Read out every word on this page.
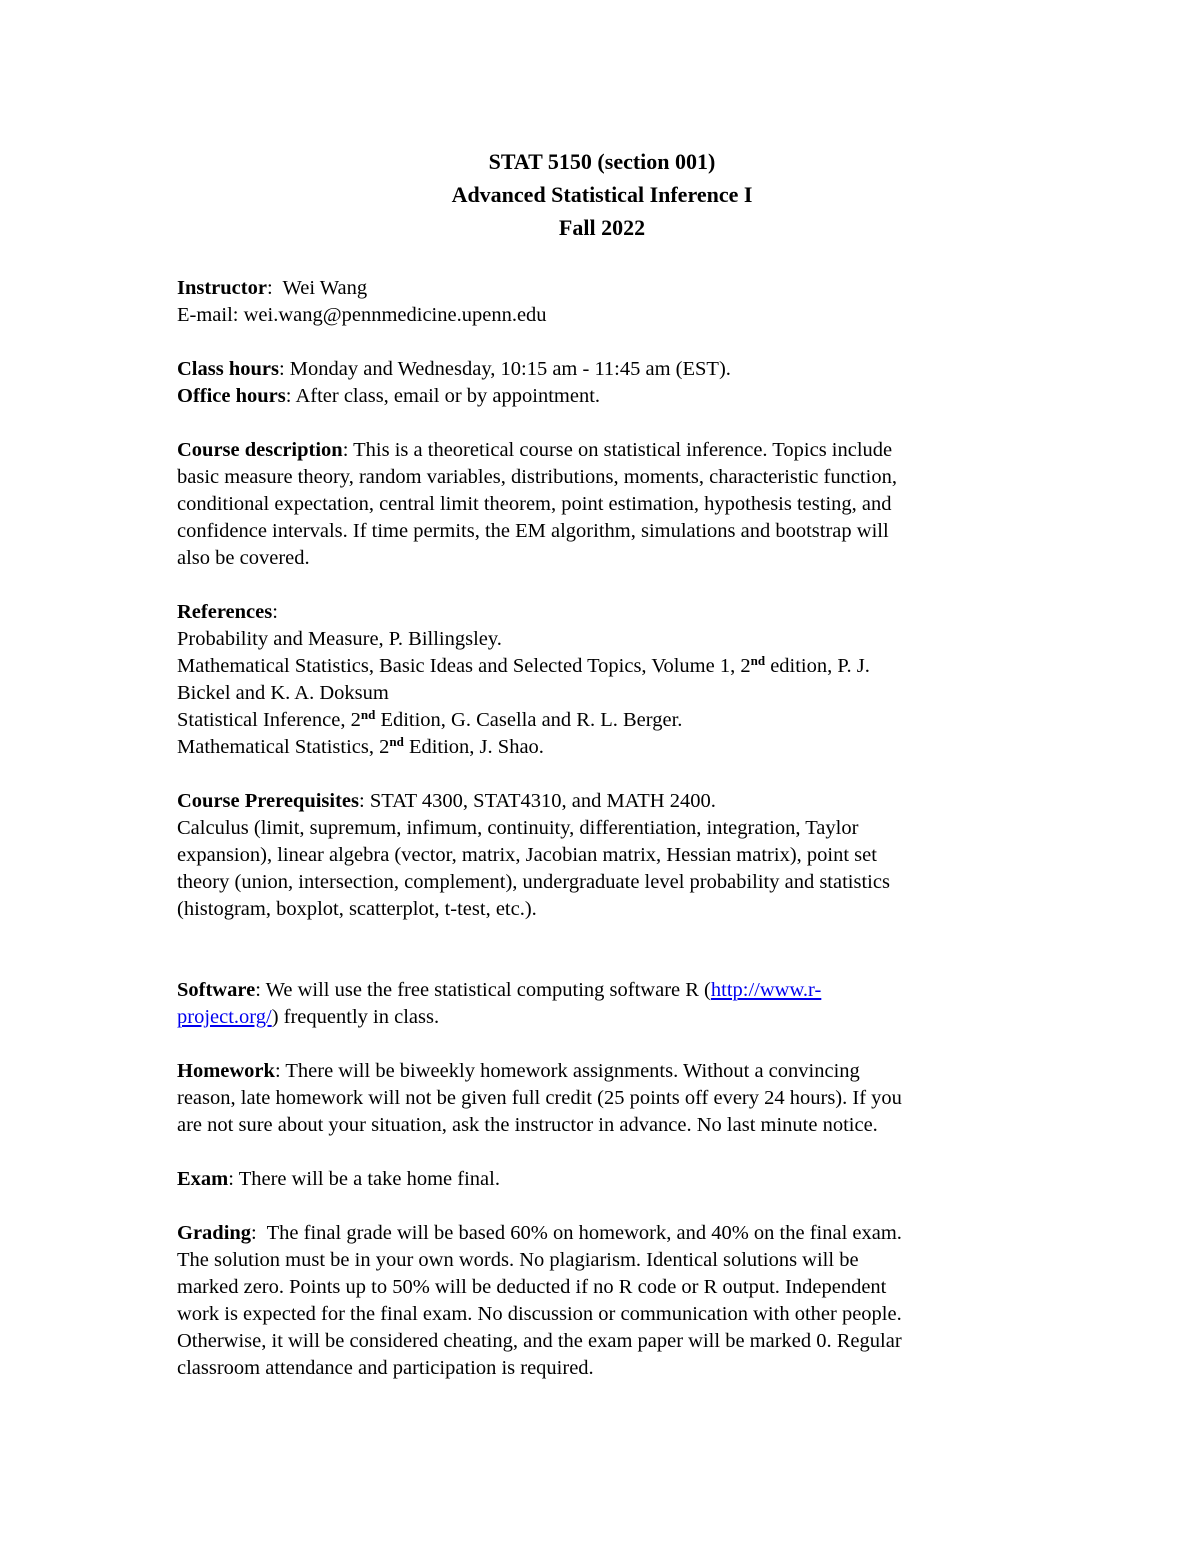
STAT 5150 (section 001)
Advanced Statistical Inference I
Fall 2022
Instructor:  Wei Wang
E-mail: wei.wang@pennmedicine.upenn.edu
Class hours: Monday and Wednesday, 10:15 am - 11:45 am (EST).
Office hours: After class, email or by appointment.
Course description: This is a theoretical course on statistical inference. Topics include
basic measure theory, random variables, distributions, moments, characteristic function,
conditional expectation, central limit theorem, point estimation, hypothesis testing, and
confidence intervals. If time permits, the EM algorithm, simulations and bootstrap will
also be covered.
References:
Probability and Measure, P. Billingsley.
Mathematical Statistics, Basic Ideas and Selected Topics, Volume 1, 2nd edition, P. J.
Bickel and K. A. Doksum
Statistical Inference, 2nd Edition, G. Casella and R. L. Berger.
Mathematical Statistics, 2nd Edition, J. Shao.
Course Prerequisites: STAT 4300, STAT4310, and MATH 2400.
Calculus (limit, supremum, infimum, continuity, differentiation, integration, Taylor
expansion), linear algebra (vector, matrix, Jacobian matrix, Hessian matrix), point set
theory (union, intersection, complement), undergraduate level probability and statistics
(histogram, boxplot, scatterplot, t-test, etc.).
Software: We will use the free statistical computing software R (http://www.r-
project.org/) frequently in class.
Homework: There will be biweekly homework assignments. Without a convincing
reason, late homework will not be given full credit (25 points off every 24 hours). If you
are not sure about your situation, ask the instructor in advance. No last minute notice.
Exam: There will be a take home final.
Grading:  The final grade will be based 60% on homework, and 40% on the final exam.
The solution must be in your own words. No plagiarism. Identical solutions will be
marked zero. Points up to 50% will be deducted if no R code or R output. Independent
work is expected for the final exam. No discussion or communication with other people.
Otherwise, it will be considered cheating, and the exam paper will be marked 0. Regular
classroom attendance and participation is required.
